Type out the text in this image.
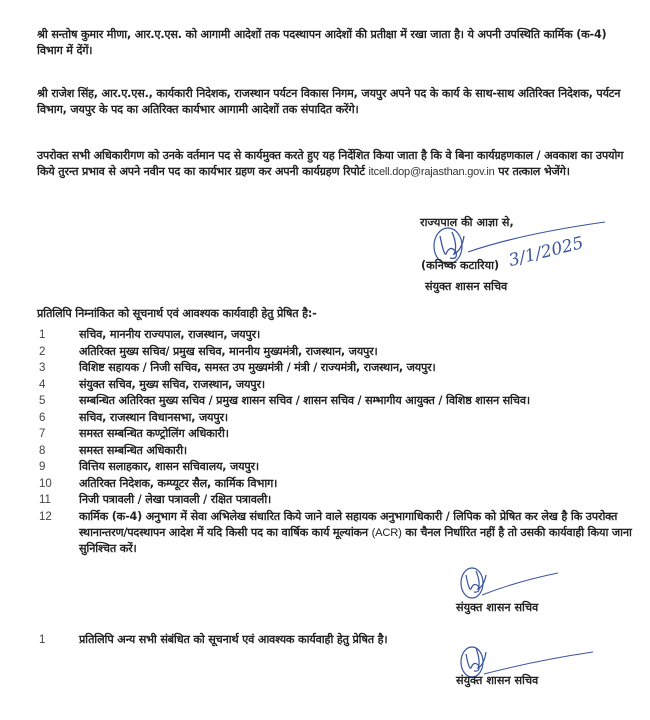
श्री सन्तोष कुमार मीणा, आर.ए.एस. को आगामी आदेशों तक पदस्थापन आदेशों की प्रतीक्षा में रखा जाता है। ये अपनी उपस्थिति कार्मिक (क-4) विभाग में देंगें।

श्री राजेश सिंह, आर.ए.एस., कार्यकारी निदेशक, राजस्थान पर्यटन विकास निगम, जयपुर अपने पद के कार्य के साथ-साथ अतिरिक्त निदेशक, पर्यटन विभाग, जयपुर के पद का अतिरिक्त कार्यभार आगामी आदेशों तक संपादित करेंगे।

उपरोक्त सभी अधिकारीगण को उनके वर्तमान पद से कार्यमुक्त करते हुए यह निर्देशित किया जाता है कि वे बिना कार्यग्रहणकाल / अवकाश का उपयोग किये तुरन्त प्रभाव से अपने नवीन पद का कार्यभार ग्रहण कर अपनी कार्यग्रहण रिपोर्ट itcell.dop@rajasthan.gov.in पर तत्काल भेजेंगे।

राज्यपाल की आज्ञा से,
3/1/2025
(कनिष्क कटारिया)
संयुक्त शासन सचिव
प्रतिलिपि निम्नांकित को सूचनार्थ एवं आवश्यक कार्यवाही हेतु प्रेषित है:-
1	सचिव, माननीय राज्यपाल, राजस्थान, जयपुर।
2	अतिरिक्त मुख्य सचिव/ प्रमुख सचिव, माननीय मुख्यमंत्री, राजस्थान, जयपुर।
3	विशिष्ट सहायक / निजी सचिव, समस्त उप मुख्यमंत्री / मंत्री / राज्यमंत्री, राजस्थान, जयपुर।
4	संयुक्त सचिव, मुख्य सचिव, राजस्थान, जयपुर।
5	सम्बन्धित अतिरिक्त मुख्य सचिव / प्रमुख शासन सचिव / शासन सचिव / सम्भागीय आयुक्त / विशिष्ठ शासन सचिव।
6	सचिव, राजस्थान विधानसभा, जयपुर।
7	समस्त सम्बन्धित कण्ट्रोलिंग अधिकारी।
8	समस्त सम्बन्धित अधिकारी।
9	वित्तिय सलाहकार, शासन सचिवालय, जयपुर।
10	अतिरिक्त निदेशक, कम्प्यूटर सैल, कार्मिक विभाग।
11	निजी पत्रावली / लेखा पत्रावली / रक्षित पत्रावली।
12	कार्मिक (क-4) अनुभाग में सेवा अभिलेख संधारित किये जाने वाले सहायक अनुभागाधिकारी / लिपिक को प्रेषित कर लेख है कि उपरोक्त स्थानान्तरण/पदस्थापन आदेश में यदि किसी पद का वार्षिक कार्य मूल्यांकन (ACR) का चैनल निर्धारित नहीं है तो उसकी कार्यवाही किया जाना सुनिश्चित करें।
संयुक्त शासन सचिव
1	प्रतिलिपि अन्य सभी संबंधित को सूचनार्थ एवं आवश्यक कार्यवाही हेतु प्रेषित है।
संयुक्त शासन सचिव
